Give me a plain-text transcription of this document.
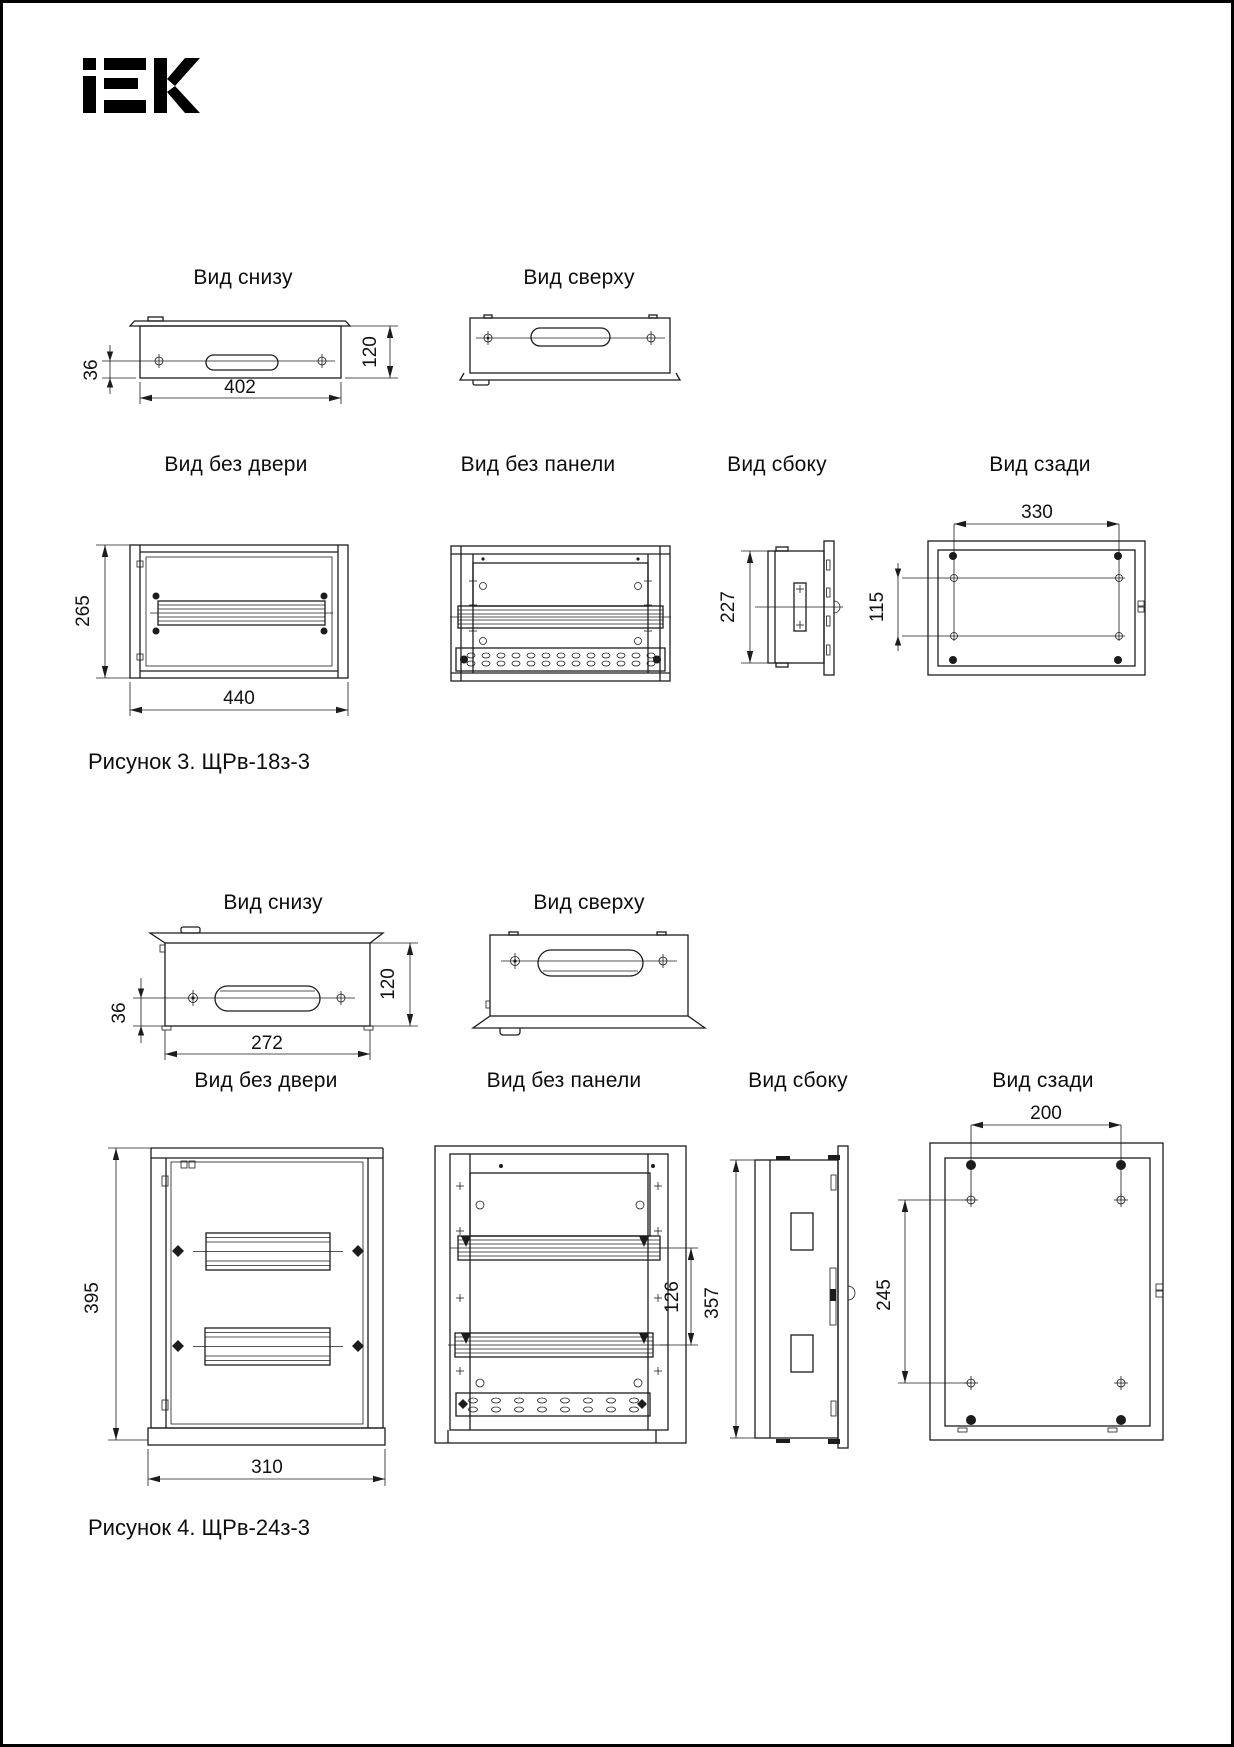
Вид снизу	Вид сверху
Вид без двери	Вид без панели	Вид сбоку	Вид сзади
Рисунок 3. ЩРв-18з-3
36
120
402
265
440
227
330
115
Вид снизу	Вид сверху
Вид без двери	Вид без панели	Вид сбоку	Вид сзади
Рисунок 4. ЩРв-24з-3
36
120
272
395
310
126 357
200
245
